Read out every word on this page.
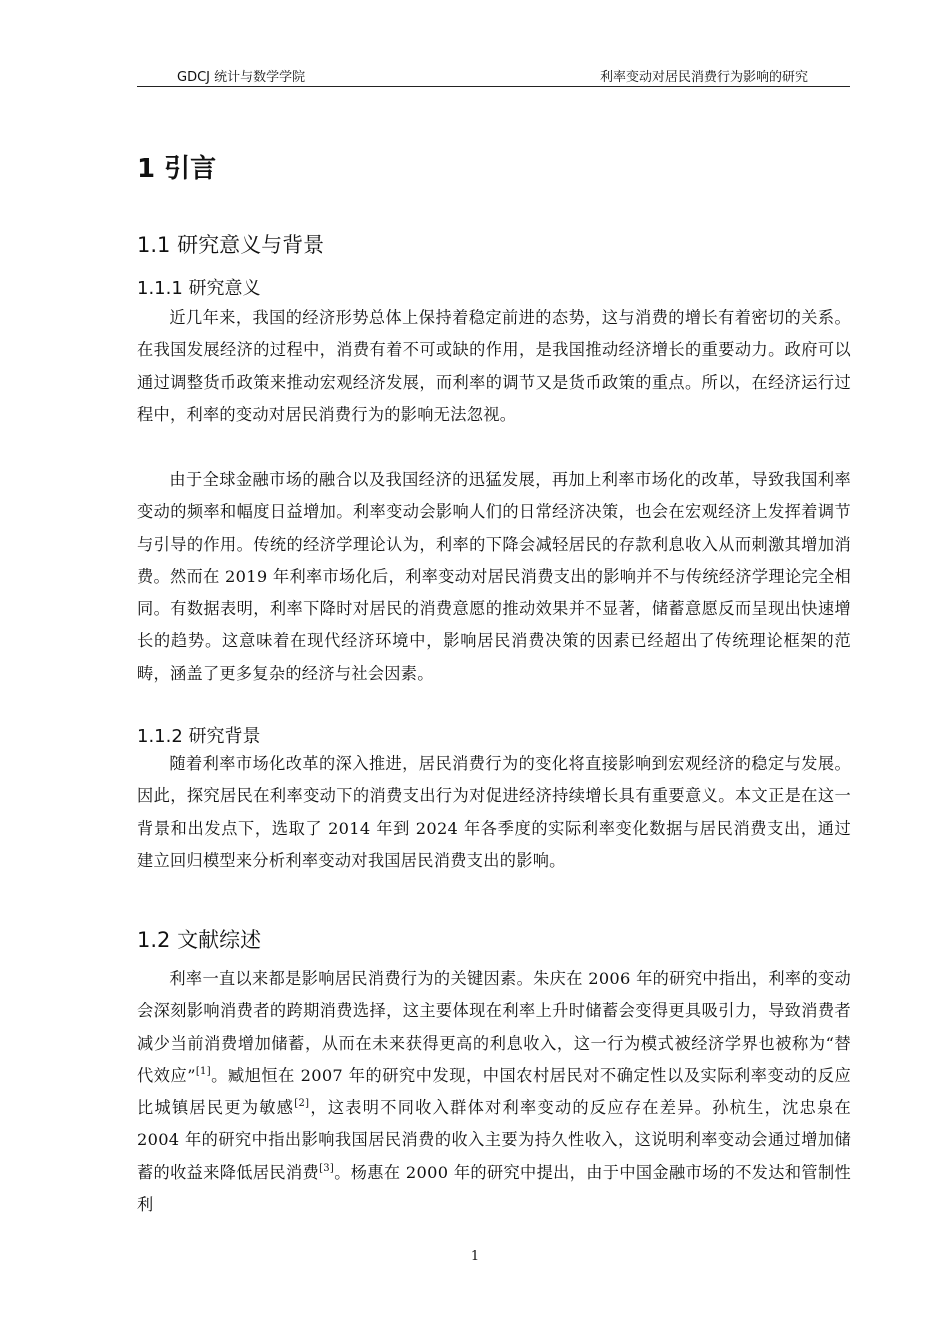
GDCJ 统计与数学学院	利率变动对居民消费行为影响的研究
1 引言
1.1 研究意义与背景
1.1.1 研究意义

近几年来，我国的经济形势总体上保持着稳定前进的态势，这与消费的增长有着密切的关系。在我国发展经济的过程中，消费有着不可或缺的作用，是我国推动经济增长的重要动力。政府可以通过调整货币政策来推动宏观经济发展，而利率的调节又是货币政策的重点。所以，在经济运行过程中，利率的变动对居民消费行为的影响无法忽视。

由于全球金融市场的融合以及我国经济的迅猛发展，再加上利率市场化的改革，导致我国利率变动的频率和幅度日益增加。利率变动会影响人们的日常经济决策，也会在宏观经济上发挥着调节与引导的作用。传统的经济学理论认为，利率的下降会减轻居民的存款利息收入从而刺激其增加消费。然而在 2019 年利率市场化后，利率变动对居民消费支出的影响并不与传统经济学理论完全相同。有数据表明，利率下降时对居民的消费意愿的推动效果并不显著，储蓄意愿反而呈现出快速增长的趋势。这意味着在现代经济环境中，影响居民消费决策的因素已经超出了传统理论框架的范畴，涵盖了更多复杂的经济与社会因素。

1.1.2 研究背景

随着利率市场化改革的深入推进，居民消费行为的变化将直接影响到宏观经济的稳定与发展。因此，探究居民在利率变动下的消费支出行为对促进经济持续增长具有重要意义。本文正是在这一背景和出发点下，选取了 2014 年到 2024 年各季度的实际利率变化数据与居民消费支出，通过建立回归模型来分析利率变动对我国居民消费支出的影响。

1.2 文献综述

利率一直以来都是影响居民消费行为的关键因素。朱庆在 2006 年的研究中指出，利率的变动会深刻影响消费者的跨期消费选择，这主要体现在利率上升时储蓄会变得更具吸引力，导致消费者减少当前消费增加储蓄，从而在未来获得更高的利息收入，这一行为模式被经济学界也被称为“替代效应”[1]。臧旭恒在 2007 年的研究中发现，中国农村居民对不确定性以及实际利率变动的反应比城镇居民更为敏感[2]，这表明不同收入群体对利率变动的反应存在差异。孙杭生，沈忠泉在 2004 年的研究中指出影响我国居民消费的收入主要为持久性收入，这说明利率变动会通过增加储蓄的收益来降低居民消费[3]。杨惠在 2000 年的研究中提出，由于中国金融市场的不发达和管制性利

1
